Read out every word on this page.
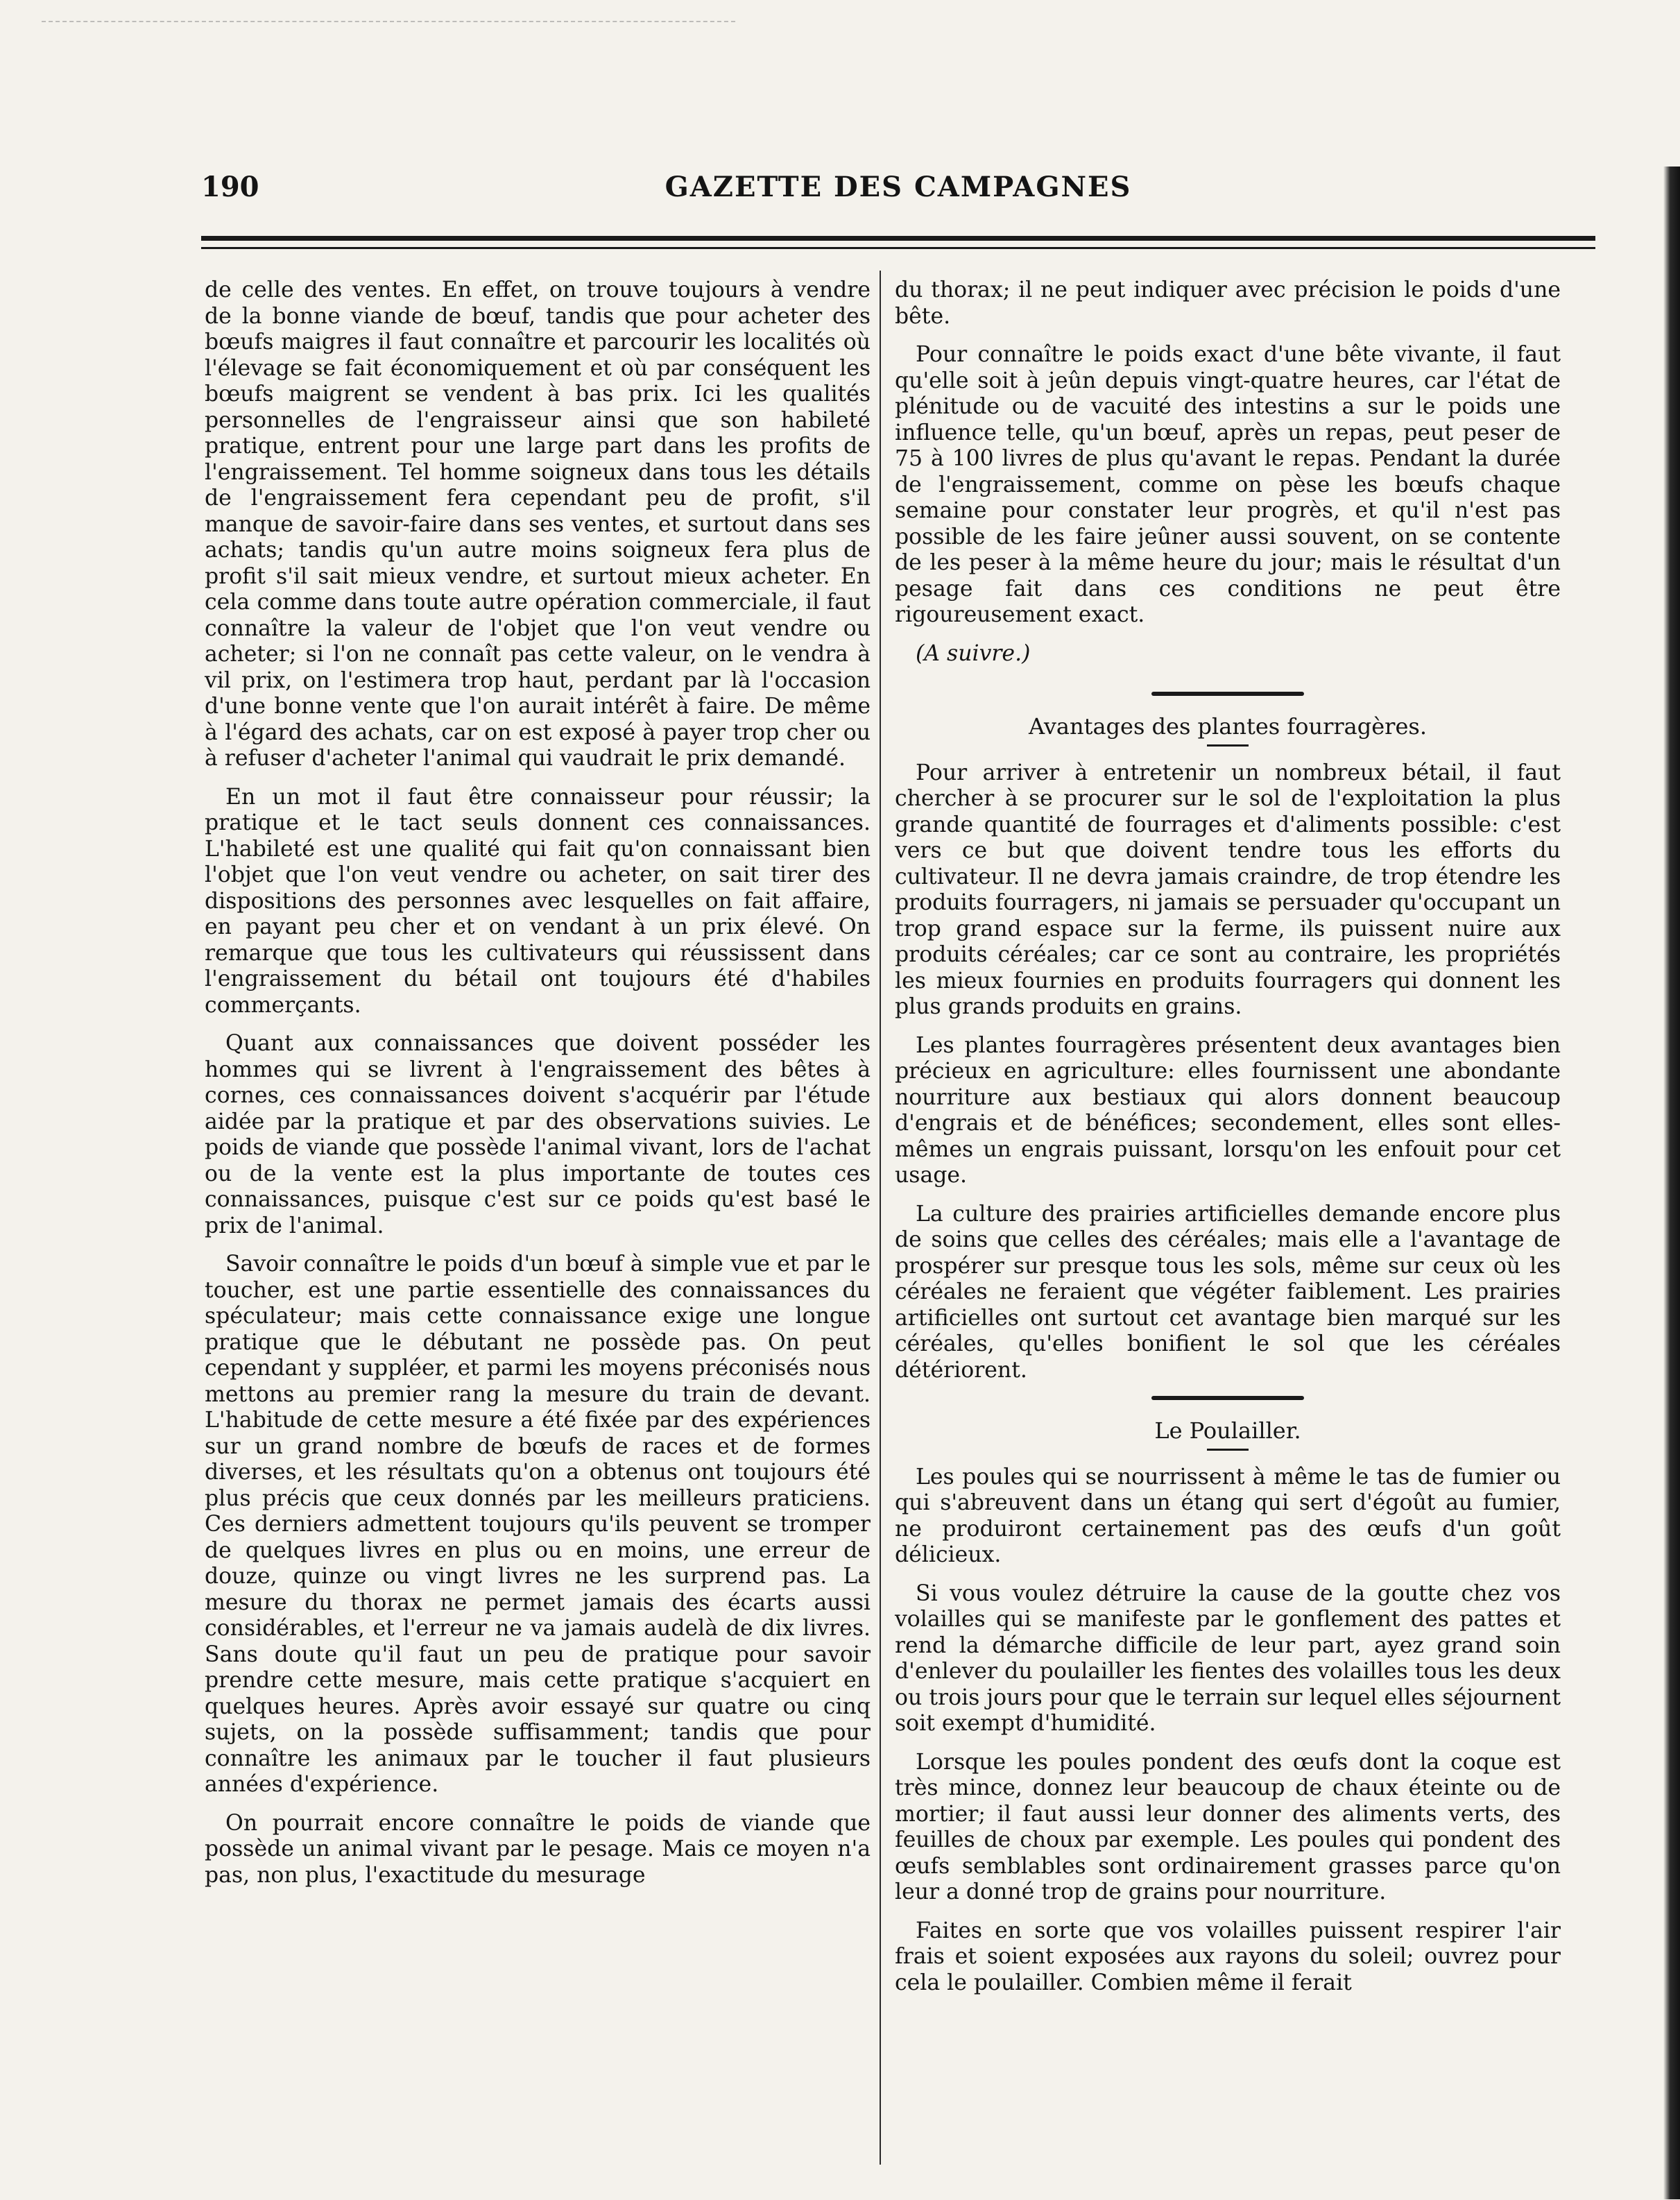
190	GAZETTE DES CAMPAGNES

de celle des ventes. En effet, on trouve toujours à vendre de la bonne viande de bœuf, tandis que pour acheter des bœufs maigres il faut connaître et parcourir les localités où l'élevage se fait économiquement et où par conséquent les bœufs maigrent se vendent à bas prix. Ici les qualités personnelles de l'engraisseur ainsi que son habileté pratique, entrent pour une large part dans les profits de l'engraissement. Tel homme soigneux dans tous les détails de l'engraissement fera cependant peu de profit, s'il manque de savoir-faire dans ses ventes, et surtout dans ses achats; tandis qu'un autre moins soigneux fera plus de profit s'il sait mieux vendre, et surtout mieux acheter. En cela comme dans toute autre opération commerciale, il faut connaître la valeur de l'objet que l'on veut vendre ou acheter; si l'on ne connaît pas cette valeur, on le vendra à vil prix, on l'estimera trop haut, perdant par là l'occasion d'une bonne vente que l'on aurait intérêt à faire. De même à l'égard des achats, car on est exposé à payer trop cher ou à refuser d'acheter l'animal qui vaudrait le prix demandé.

En un mot il faut être connaisseur pour réussir; la pratique et le tact seuls donnent ces connaissances. L'habileté est une qualité qui fait qu'on connaissant bien l'objet que l'on veut vendre ou acheter, on sait tirer des dispositions des personnes avec lesquelles on fait affaire, en payant peu cher et on vendant à un prix élevé. On remarque que tous les cultivateurs qui réussissent dans l'engraissement du bétail ont toujours été d'habiles commerçants.

Quant aux connaissances que doivent posséder les hommes qui se livrent à l'engraissement des bêtes à cornes, ces connaissances doivent s'acquérir par l'étude aidée par la pratique et par des observations suivies. Le poids de viande que possède l'animal vivant, lors de l'achat ou de la vente est la plus importante de toutes ces connaissances, puisque c'est sur ce poids qu'est basé le prix de l'animal.

Savoir connaître le poids d'un bœuf à simple vue et par le toucher, est une partie essentielle des connaissances du spéculateur; mais cette connaissance exige une longue pratique que le débutant ne possède pas. On peut cependant y suppléer, et parmi les moyens préconisés nous mettons au premier rang la mesure du train de devant. L'habitude de cette mesure a été fixée par des expériences sur un grand nombre de bœufs de races et de formes diverses, et les résultats qu'on a obtenus ont toujours été plus précis que ceux donnés par les meilleurs praticiens. Ces derniers admettent toujours qu'ils peuvent se tromper de quelques livres en plus ou en moins, une erreur de douze, quinze ou vingt livres ne les surprend pas. La mesure du thorax ne permet jamais des écarts aussi considérables, et l'erreur ne va jamais audelà de dix livres. Sans doute qu'il faut un peu de pratique pour savoir prendre cette mesure, mais cette pratique s'acquiert en quelques heures. Après avoir essayé sur quatre ou cinq sujets, on la possède suffisamment; tandis que pour connaître les animaux par le toucher il faut plusieurs années d'expérience.

On pourrait encore connaître le poids de viande que possède un animal vivant par le pesage. Mais ce moyen n'a pas, non plus, l'exactitude du mesurage

du thorax; il ne peut indiquer avec précision le poids d'une bête.

Pour connaître le poids exact d'une bête vivante, il faut qu'elle soit à jeûn depuis vingt-quatre heures, car l'état de plénitude ou de vacuité des intestins a sur le poids une influence telle, qu'un bœuf, après un repas, peut peser de 75 à 100 livres de plus qu'avant le repas. Pendant la durée de l'engraissement, comme on pèse les bœufs chaque semaine pour constater leur progrès, et qu'il n'est pas possible de les faire jeûner aussi souvent, on se contente de les peser à la même heure du jour; mais le résultat d'un pesage fait dans ces conditions ne peut être rigoureusement exact.

(A suivre.)
Avantages des plantes fourragères.

Pour arriver à entretenir un nombreux bétail, il faut chercher à se procurer sur le sol de l'exploitation la plus grande quantité de fourrages et d'aliments possible: c'est vers ce but que doivent tendre tous les efforts du cultivateur. Il ne devra jamais craindre, de trop étendre les produits fourragers, ni jamais se persuader qu'occupant un trop grand espace sur la ferme, ils puissent nuire aux produits céréales; car ce sont au contraire, les propriétés les mieux fournies en produits fourragers qui donnent les plus grands produits en grains.

Les plantes fourragères présentent deux avantages bien précieux en agriculture: elles fournissent une abondante nourriture aux bestiaux qui alors donnent beaucoup d'engrais et de bénéfices; secondement, elles sont elles-mêmes un engrais puissant, lorsqu'on les enfouit pour cet usage.

La culture des prairies artificielles demande encore plus de soins que celles des céréales; mais elle a l'avantage de prospérer sur presque tous les sols, même sur ceux où les céréales ne feraient que végéter faiblement. Les prairies artificielles ont surtout cet avantage bien marqué sur les céréales, qu'elles bonifient le sol que les céréales détériorent.

Le Poulailler.

Les poules qui se nourrissent à même le tas de fumier ou qui s'abreuvent dans un étang qui sert d'égoût au fumier, ne produiront certainement pas des œufs d'un goût délicieux.

Si vous voulez détruire la cause de la goutte chez vos volailles qui se manifeste par le gonflement des pattes et rend la démarche difficile de leur part, ayez grand soin d'enlever du poulailler les fientes des volailles tous les deux ou trois jours pour que le terrain sur lequel elles séjournent soit exempt d'humidité.

Lorsque les poules pondent des œufs dont la coque est très mince, donnez leur beaucoup de chaux éteinte ou de mortier; il faut aussi leur donner des aliments verts, des feuilles de choux par exemple. Les poules qui pondent des œufs semblables sont ordinairement grasses parce qu'on leur a donné trop de grains pour nourriture.

Faites en sorte que vos volailles puissent respirer l'air frais et soient exposées aux rayons du soleil; ouvrez pour cela le poulailler. Combien même il ferait
